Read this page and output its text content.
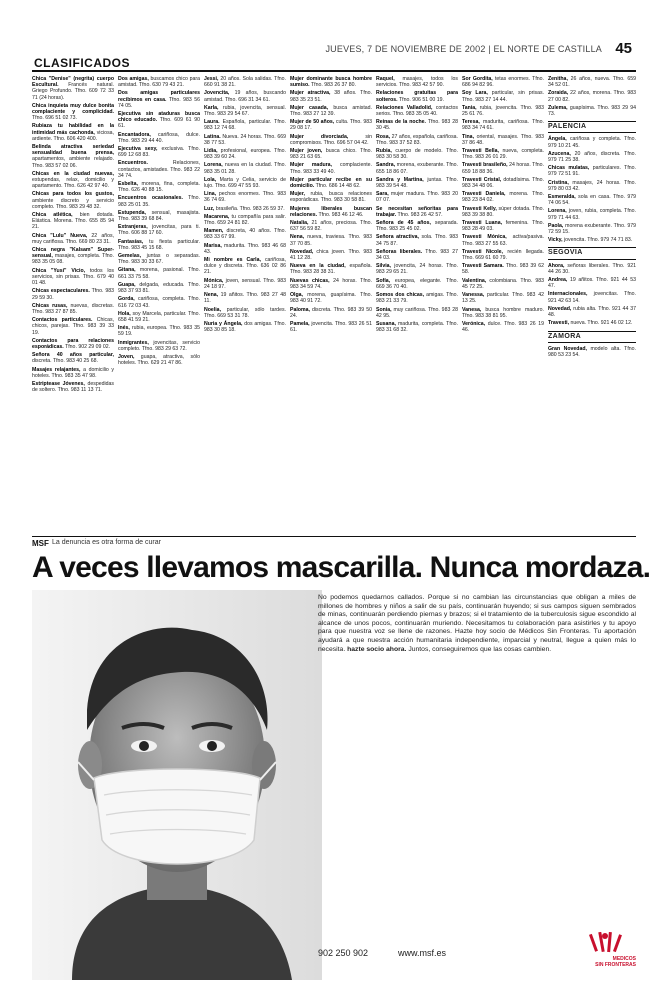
JUEVES, 7 DE NOVIEMBRE DE 2002 | EL NORTE DE CASTILLA 45
CLASIFICADOS
Chica "Denise" (negrita) cuerpo Escultural. Francés natural. Griego Profundo. Tfno. 609 72 33 71 (24 horas).
Chica inquieta muy dulce bonita complaciente y complicidad. Tfno. 696 51 02 73.
Rubiaza tu habilidad en la intimidad más cachonda, viciosa, ardiente. Tfno. 606 420 400.
Belinda atractiva seriedad sensualidad buena prensa, apartamentos, ambiente relajado. Tfno. 983 57 02 06.
Chicas en la ciudad nuevas, estupendas, relax, domicilio y apartamento. Tfno. 626 42 97 40.
Chicas para todos los gustos, ambiente discreto y servicio completo. Tfno. 983 29 48 32.
Chica atlética, bien dotada. Elástica. Morena. Tfno. 655 85 94 21.
Chica "Lulu" Nueva, 22 años, muy cariñosa. Tfno. 669 80 23 31.
Chica negra "Kalsam" Super-sensual, masajes, completa. Tfno. 983 35 05 08.
Chica "Yusi" Vicio, todos los servicios, sin prisas. Tfno. 679 40 01 48.
Chicas espectaculares. Tfno. 983 29 59 30.
Chicas rusas, nuevas, discretas. Tfno. 983 27 87 85.
Contactos particulares. Chicas, chicos, parejas. Tfno. 983 39 33 19.
Contactos para relaciones esporádicas. Tfno. 902 29 09 02.
Señora 40 años particular, discreta. Tfno. 983 40 25 68.
Masajes relajantes, a domicilio y hoteles. Tfno. 983 35 47 98.
Estriptease Jóvenes, despedidas de soltero. Tfno. 983 11 13 71.
Dos amigas, buscamos chico para amistad. Tfno. 630 79 43 21.
Dos amigas particulares recibimos en casa. Tfno. 983 56 74 05.
Ejecutiva sin ataduras busca chico educado. Tfno. 609 61 90 61.
Encantadora, cariñosa, dulce. Tfno. 983 29 44 40.
Ejecutiva sexy, exclusiva. Tfno. 699 12 68 83.
Encuentros. Relaciones, contactos, amistades. Tfno. 983 22 34 74.
Esbelta, morena, fina, completa. Tfno. 626 40 88 15.
Encuentros ocasionales. Tfno. 983 25 01 35.
Estupenda, sensual, masajista. Tfno. 983 39 68 84.
Extranjeras, jovencitas, para ti. Tfno. 606 88 17 60.
Fantasías, tu fiesta particular. Tfno. 983 45 15 68.
Gemelas, juntas o separadas. Tfno. 983 30 33 67.
Gitana, morena, pasional. Tfno. 661 33 75 58.
Guapa, delgada, educada. Tfno. 983 37 93 81.
Gorda, cariñosa, completa. Tfno. 616 72 03 43.
Hola, soy Marcela, particular. Tfno. 658 41 59 21.
Inés, rubia, europea. Tfno. 983 35 59 19.
Inmigrantes, jovencitas, servicio completo. Tfno. 983 29 63 72.
Joven, guapa, atractiva, sólo hoteles. Tfno. 629 21 47 86.
Jessi, 20 años. Sola salidas. Tfno. 660 91 38 21.
Jovencita, 19 años, buscando amistad. Tfno. 696 31 34 61.
Karla, rubia, jovencita, sensual. Tfno. 983 29 54 67.
Laura. Española, particular. Tfno. 983 12 74 68.
Latina. Nueva. 24 horas. Tfno. 669 38 77 53.
Lidia, profesional, europea. Tfno. 983 39 60 24.
Lorena, nueva en la ciudad. Tfno. 983 35 01 28.
Lola, Marta y Celia, servicio de lujo. Tfno. 699 47 55 93.
Lina, pechos enormes. Tfno. 983 36 74 69.
Luz, brasileña. Tfno. 983 26 59 37.
Macarena, tu compañía para salir. Tfno. 659 24 81 82.
Mamen, discreta, 40 años. Tfno. 983 33 67 99.
Marisa, madurita. Tfno. 983 46 68 43.
Mi nombre es Carla, cariñosa, dulce y discreta. Tfno. 636 02 86 21.
Mónica, joven, sensual. Tfno. 983 24 18 97.
Nena, 19 añitos. Tfno. 983 27 48 11.
Noelia, particular, sólo tardes. Tfno. 669 53 31 78.
Nuria y Ángela, dos amigas. Tfno. 983 30 85 18.
Mujer dominante busca hombre sumiso. Tfno. 983 26 37 80.
Mujer atractiva, 38 años. Tfno. 983 35 23 51.
Mujer casada, busca amistad. Tfno. 983 27 12 39.
Mujer de 50 años, culta. Tfno. 983 29 08 17.
Mujer divorciada, sin compromisos. Tfno. 696 57 04 42.
Mujer joven, busca chico. Tfno. 983 21 63 65.
Mujer madura, complaciente. Tfno. 983 33 49 40.
Mujer particular recibe en su domicilio. Tfno. 686 14 48 62.
Mujer, rubia, busca relaciones esporádicas. Tfno. 983 30 58 81.
Mujeres liberales buscan relaciones. Tfno. 983 46 12 46.
Natalia, 21 años, preciosa. Tfno. 637 56 59 82.
Nena, nueva, traviesa. Tfno. 983 37 70 85.
Novedad, chica joven. Tfno. 983 41 12 28.
Nueva en la ciudad, española. Tfno. 983 28 38 31.
Nuevas chicas, 24 horas. Tfno. 983 34 59 74.
Olga, morena, guapísima. Tfno. 983 40 91 72.
Paloma, discreta. Tfno. 983 39 50 24.
Pamela, jovencita. Tfno. 983 26 51 61.
Raquel, masajes, todos los servicios. Tfno. 983 42 57 90.
Relaciones gratuitas para solteros. Tfno. 906 51 00 19.
Relaciones Valladolid, contactos serios. Tfno. 983 35 05 40.
Reinas de la noche. Tfno. 983 28 30 45.
Rosa, 27 años, española, cariñosa. Tfno. 983 37 52 83.
Rubia, cuerpo de modelo. Tfno. 983 30 58 30.
Sandra, morena, exuberante. Tfno. 655 18 86 07.
Sandra y Martina, juntas. Tfno. 983 39 54 48.
Sara, mujer madura. Tfno. 983 20 07 07.
Se necesitan señoritas para trabajar. Tfno. 983 26 42 57.
Señora de 45 años, separada. Tfno. 983 25 45 02.
Señora atractiva, sola. Tfno. 983 34 75 87.
Señoras liberales. Tfno. 983 27 34 03.
Silvia, jovencita, 24 horas. Tfno. 983 29 65 21.
Sofía, europea, elegante. Tfno. 669 36 70 40.
Somos dos chicas, amigas. Tfno. 983 21 33 79.
Sonia, muy cariñosa. Tfno. 983 28 42 95.
Susana, madurita, completa. Tfno. 983 31 68 32.
Sor Gordita, tetas enormes. Tfno. 686 94 82 96.
Soy Lara, particular, sin prisas. Tfno. 983 27 14 44.
Tania, rubia, jovencita. Tfno. 983 25 61 76.
Teresa, madurita, cariñosa. Tfno. 983 34 74 61.
Tina, oriental, masajes. Tfno. 983 37 86 48.
Travesti Bella, nueva, completa. Tfno. 983 26 01 29.
Travesti brasileño, 24 horas. Tfno. 659 18 88 36.
Travesti Cristal, dotadísima. Tfno. 983 34 48 06.
Travesti Daniela, morena. Tfno. 983 23 84 02.
Travesti Kelly, súper dotada. Tfno. 983 39 38 80.
Travesti Luana, femenina. Tfno. 983 28 49 03.
Travesti Mónica, activa/pasiva. Tfno. 983 27 55 63.
Travesti Nicole, recién llegada. Tfno. 669 61 60 79.
Travesti Samara. Tfno. 983 39 62 58.
Valentina, colombiana. Tfno. 983 45 72 25.
Vanessa, particular. Tfno. 983 42 13 25.
Vanesa, busca hombre maduro. Tfno. 983 38 81 95.
Verónica, dulce. Tfno. 983 26 19 46.
Zenitha, 26 años, nueva. Tfno. 659 34 52 01.
Zoraida, 22 años, morena. Tfno. 983 27 00 82.
Zulema, guapísima. Tfno. 983 29 94 73.
PALENCIA
Ángela, cariñosa y completa. Tfno. 979 10 21 45.
Azucena, 20 años, discreta. Tfno. 979 71 25 38.
Chicas mulatas, particulares. Tfno. 979 72 51 91.
Cristina, masajes, 24 horas. Tfno. 979 80 03 42.
Esmeralda, sola en casa. Tfno. 979 74 06 54.
Lorena, joven, rubia, completa. Tfno. 979 71 44 63.
Paola, morena exuberante. Tfno. 979 72 59 15.
Vicky, jovencita. Tfno. 979 74 71 83.
SEGOVIA
Ahora, señoras liberales. Tfno. 921 44 26 30.
Andrea, 19 añitos. Tfno. 921 44 53 47.
Internacionales, jovencitas. Tfno. 921 42 63 14.
Novedad, rubia alta. Tfno. 921 44 37 48.
Travesti, nueva. Tfno. 921 46 02 12.
ZAMORA
Gran Novedad, modelo alta. Tfno. 980 53 23 54.
MSF La denuncia es otra forma de curar
A veces llevamos mascarilla. Nunca mordaza.
No podemos quedarnos callados. Porque si no cambian las circunstancias que obligan a miles de millones de hombres y niños a salir de su país, continuarán huyendo; si sus campos siguen sembrados de minas, continuarán perdiendo piernas y brazos; si el tratamiento de la tuberculosis sigue escondido al alcance de unos pocos, continuarán muriendo. Necesitamos tu colaboración para asistirles y tu apoyo para que nuestra voz se llene de razones. Hazte hoy socio de Médicos Sin Fronteras. Tu aportación ayudará a que nuestra acción humanitaria independiente, imparcial y neutral, llegue a quien más lo necesita. hazte socio ahora. Juntos, conseguiremos que las cosas cambien.
902 250 902	www.msf.es
MEDICOS
SIN FRONTERAS
